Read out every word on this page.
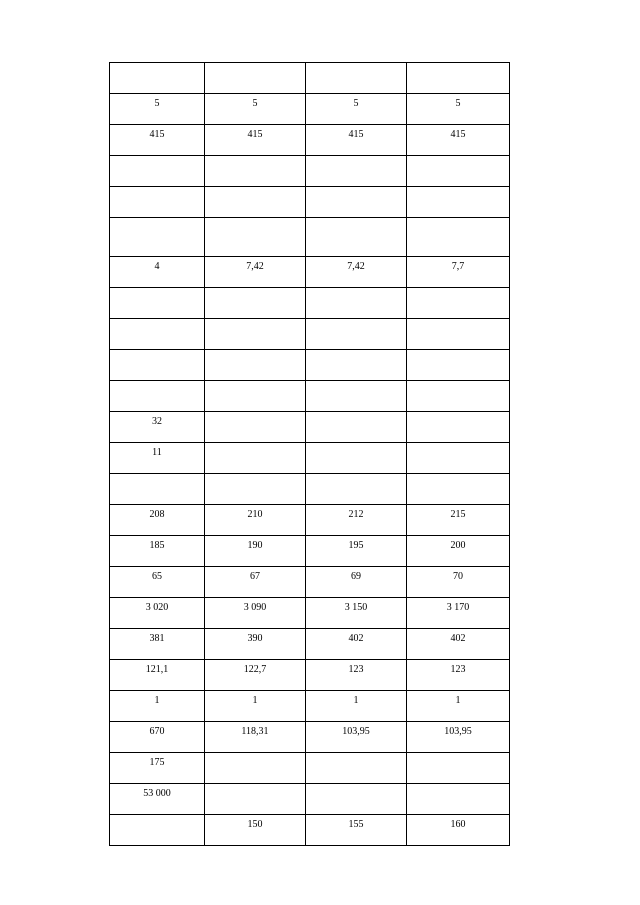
5	5	5	5
415	415	415	415

4	7,42	7,42	7,7

32			
11			

208	210	212	215
185	190	195	200
65	67	69	70
3 020	3 090	3 150	3 170
381	390	402	402
121,1	122,7	123	123
1	1	1	1
670	118,31	103,95	103,95
175			
53 000			
	150	155	160
